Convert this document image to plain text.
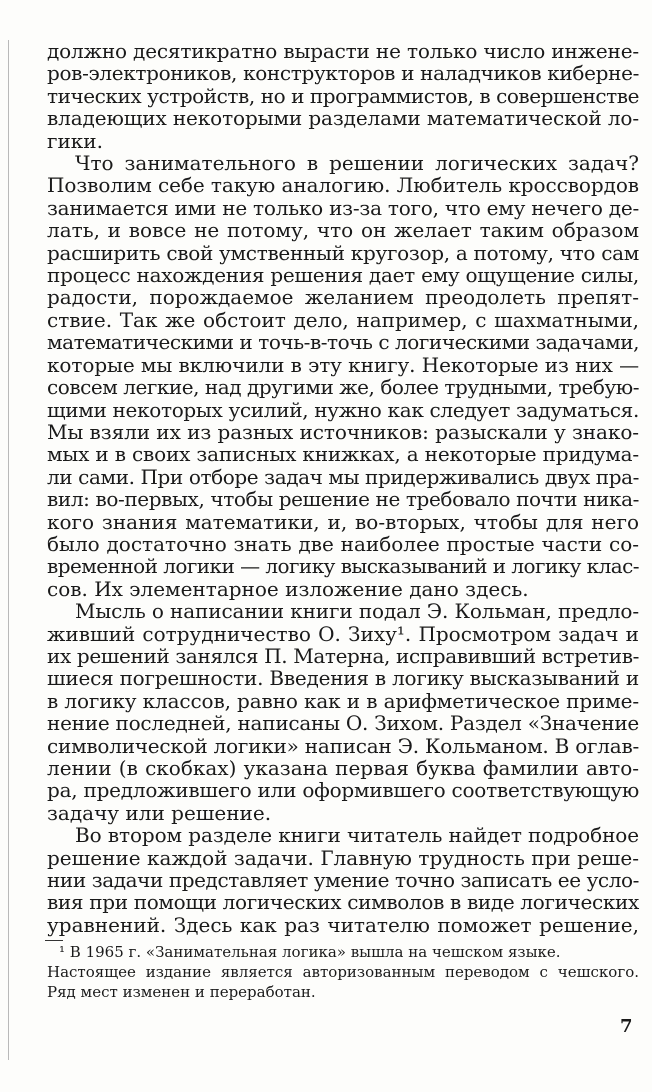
должно десятикратно вырасти не только число инжене-
ров-электроников, конструкторов и наладчиков киберне-
тических устройств, но и программистов, в совершенстве
владеющих некоторыми разделами математической ло-
гики.
Что занимательного в решении логических задач?
Позволим себе такую аналогию. Любитель кроссвордов
занимается ими не только из-за того, что ему нечего де-
лать, и вовсе не потому, что он желает таким образом
расширить свой умственный кругозор, а потому, что сам
процесс нахождения решения дает ему ощущение силы,
радости, порождаемое желанием преодолеть препят-
ствие. Так же обстоит дело, например, с шахматными,
математическими и точь-в-точь с логическими задачами,
которые мы включили в эту книгу. Некоторые из них —
совсем легкие, над другими же, более трудными, требую-
щими некоторых усилий, нужно как следует задуматься.
Мы взяли их из разных источников: разыскали у знако-
мых и в своих записных книжках, а некоторые придума-
ли сами. При отборе задач мы придерживались двух пра-
вил: во-первых, чтобы решение не требовало почти ника-
кого знания математики, и, во-вторых, чтобы для него
было достаточно знать две наиболее простые части со-
временной логики — логику высказываний и логику клас-
сов. Их элементарное изложение дано здесь.
Мысль о написании книги подал Э. Кольман, предло-
живший сотрудничество О. Зиху¹. Просмотром задач и
их решений занялся П. Матерна, исправивший встретив-
шиеся погрешности. Введения в логику высказываний и
в логику классов, равно как и в арифметическое приме-
нение последней, написаны О. Зихом. Раздел «Значение
символической логики» написан Э. Кольманом. В оглав-
лении (в скобках) указана первая буква фамилии авто-
ра, предложившего или оформившего соответствующую
задачу или решение.
Во втором разделе книги читатель найдет подробное
решение каждой задачи. Главную трудность при реше-
нии задачи представляет умение точно записать ее усло-
вия при помощи логических символов в виде логических
уравнений. Здесь как раз читателю поможет решение,
¹ В 1965 г. «Занимательная логика» вышла на чешском языке.
Настоящее издание является авторизованным переводом с чешского.
Ряд мест изменен и переработан.
7
